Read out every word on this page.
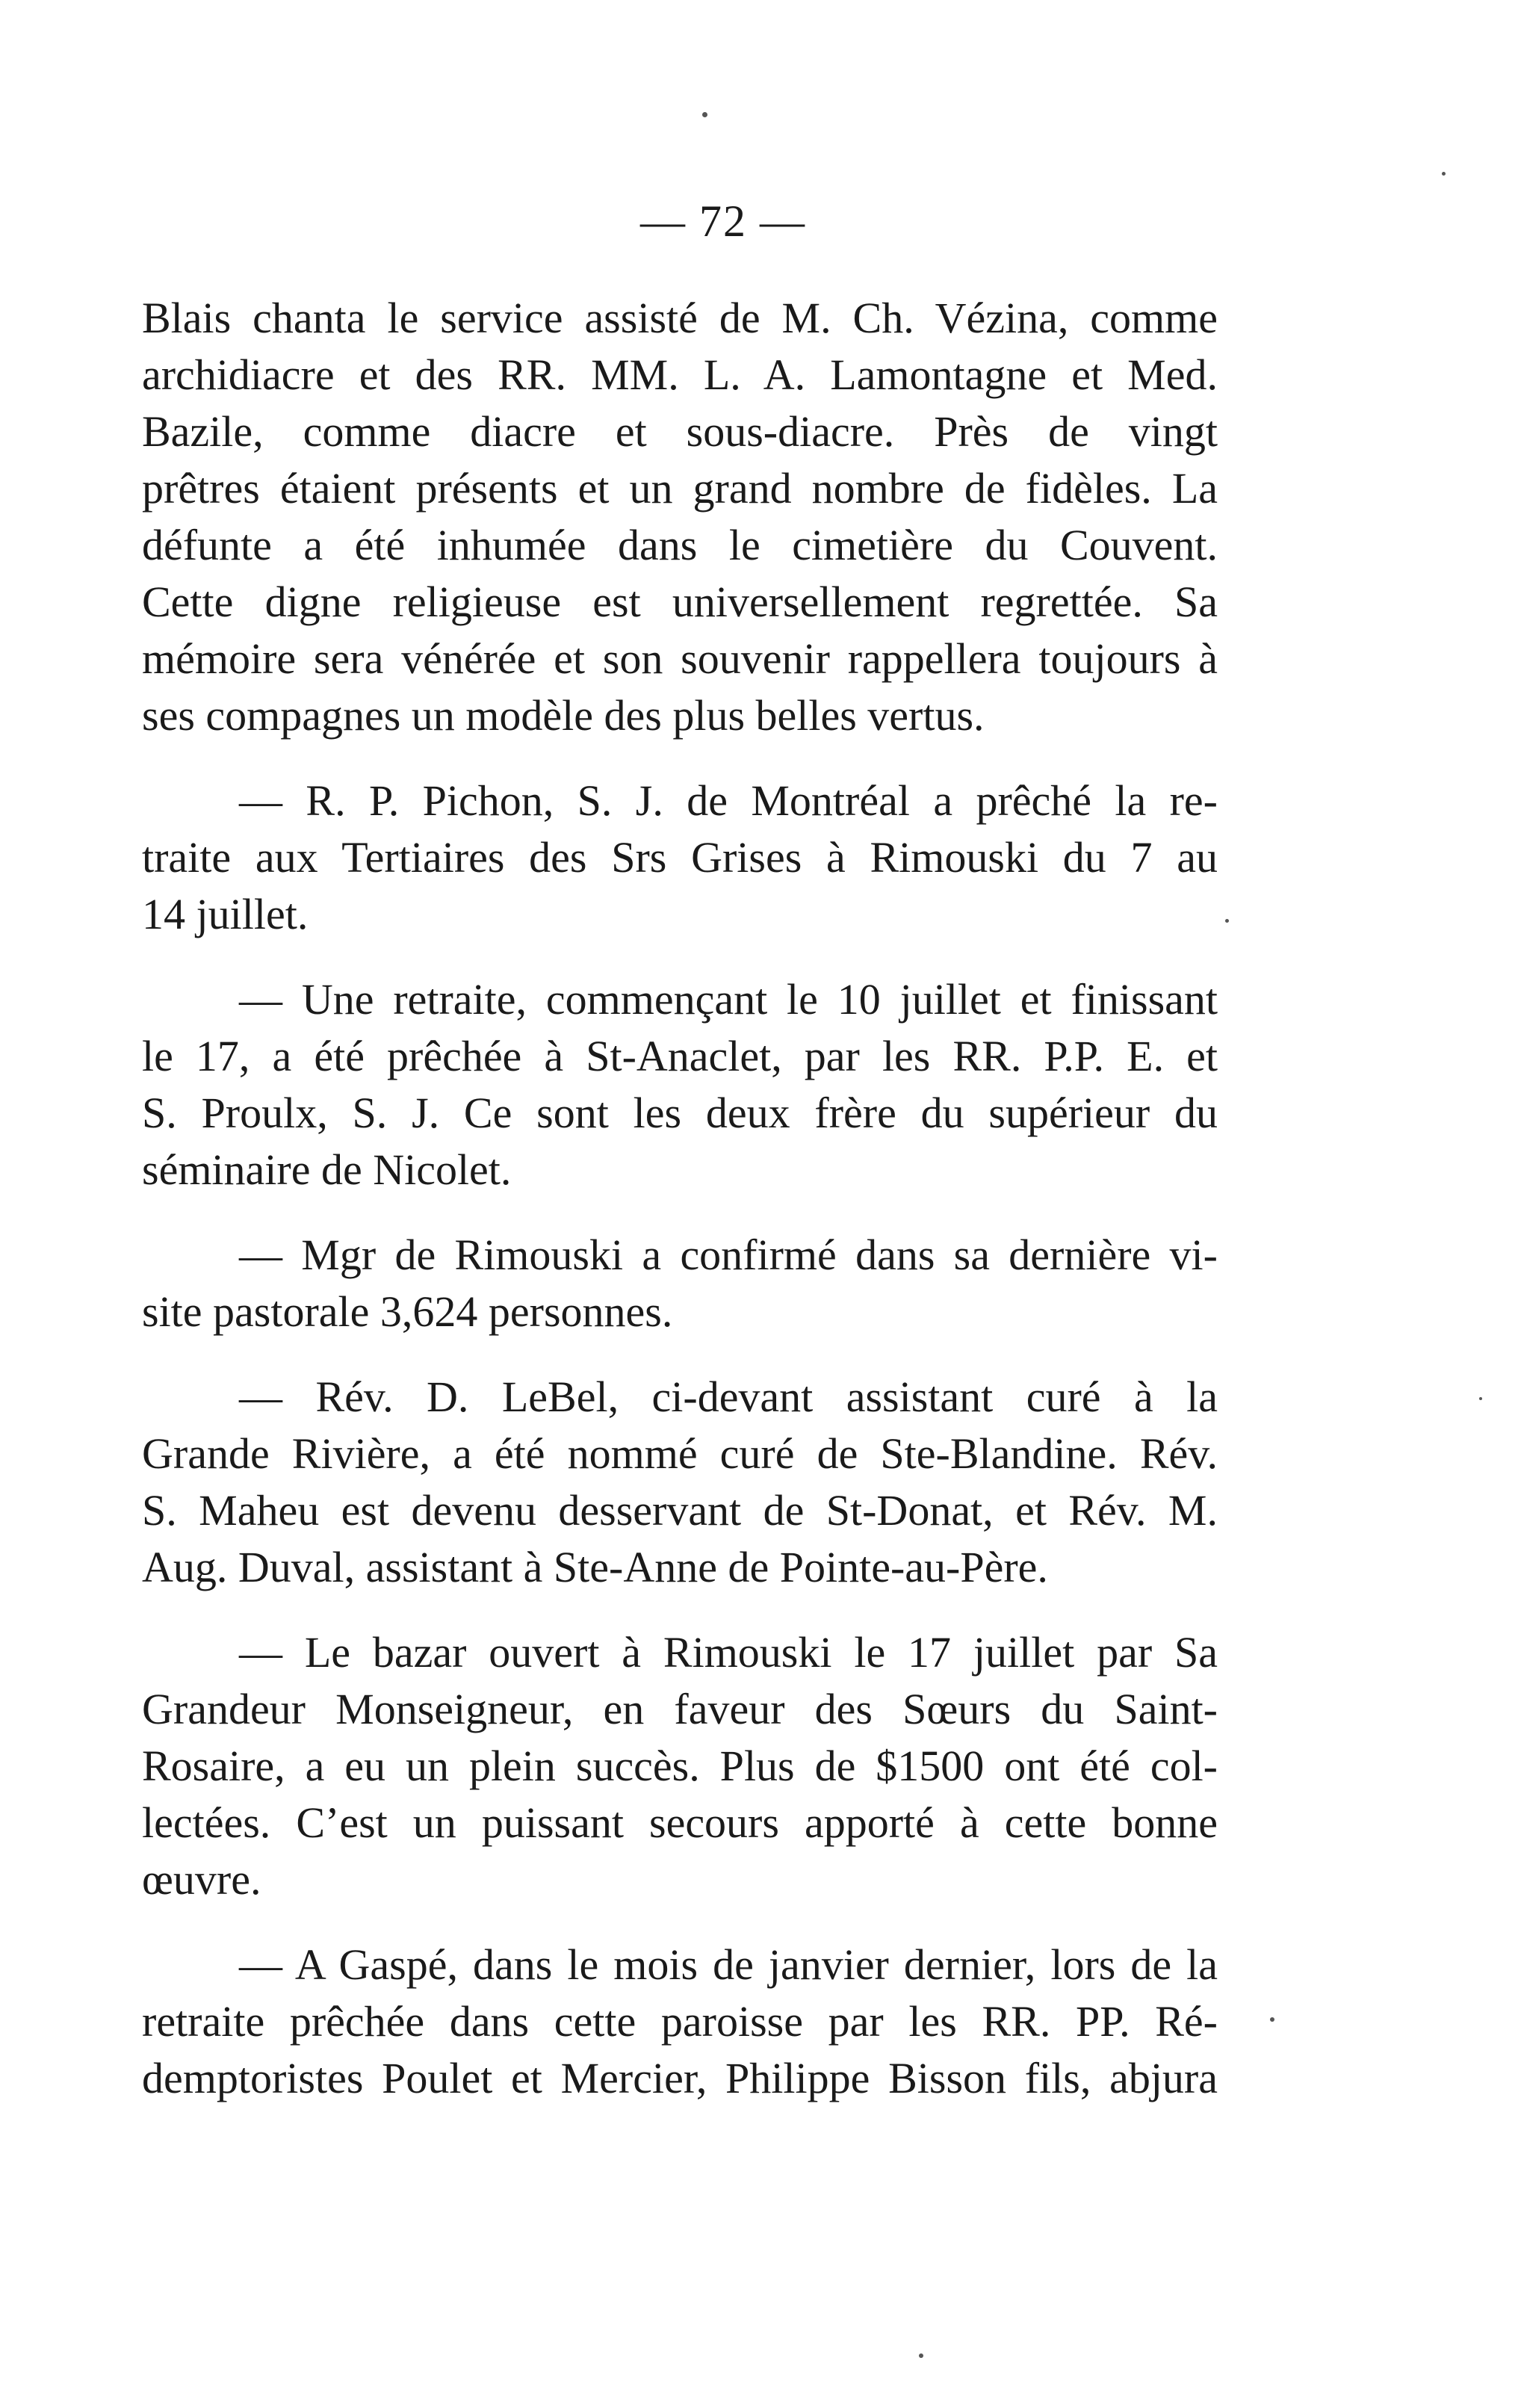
— 72 —
Blais chanta le service assisté de M. Ch. Vézina, comme
archidiacre et des RR. MM. L. A. Lamontagne et Med.
Bazile, comme diacre et sous-diacre. Près de vingt
prêtres étaient présents et un grand nombre de fidèles. La
défunte a été inhumée dans le cimetière du Couvent.
Cette digne religieuse est universellement regrettée. Sa
mémoire sera vénérée et son souvenir rappellera toujours à
ses compagnes un modèle des plus belles vertus.
— R. P. Pichon, S. J. de Montréal a prêché la re-
traite aux Tertiaires des Srs Grises à Rimouski du 7 au
14 juillet.
— Une retraite, commençant le 10 juillet et finissant
le 17, a été prêchée à St-Anaclet, par les RR. P.P. E. et
S. Proulx, S. J. Ce sont les deux frère du supérieur du
séminaire de Nicolet.
— Mgr de Rimouski a confirmé dans sa dernière vi-
site pastorale 3,624 personnes.
— Rév. D. LeBel, ci-devant assistant curé à la
Grande Rivière, a été nommé curé de Ste-Blandine. Rév.
S. Maheu est devenu desservant de St-Donat, et Rév. M.
Aug. Duval, assistant à Ste-Anne de Pointe-au-Père.
— Le bazar ouvert à Rimouski le 17 juillet par Sa
Grandeur Monseigneur, en faveur des Sœurs du Saint-
Rosaire, a eu un plein succès. Plus de $1500 ont été col-
lectées. C’est un puissant secours apporté à cette bonne
œuvre.
— A Gaspé, dans le mois de janvier dernier, lors de la
retraite prêchée dans cette paroisse par les RR. PP. Ré-
demptoristes Poulet et Mercier, Philippe Bisson fils, abjura
